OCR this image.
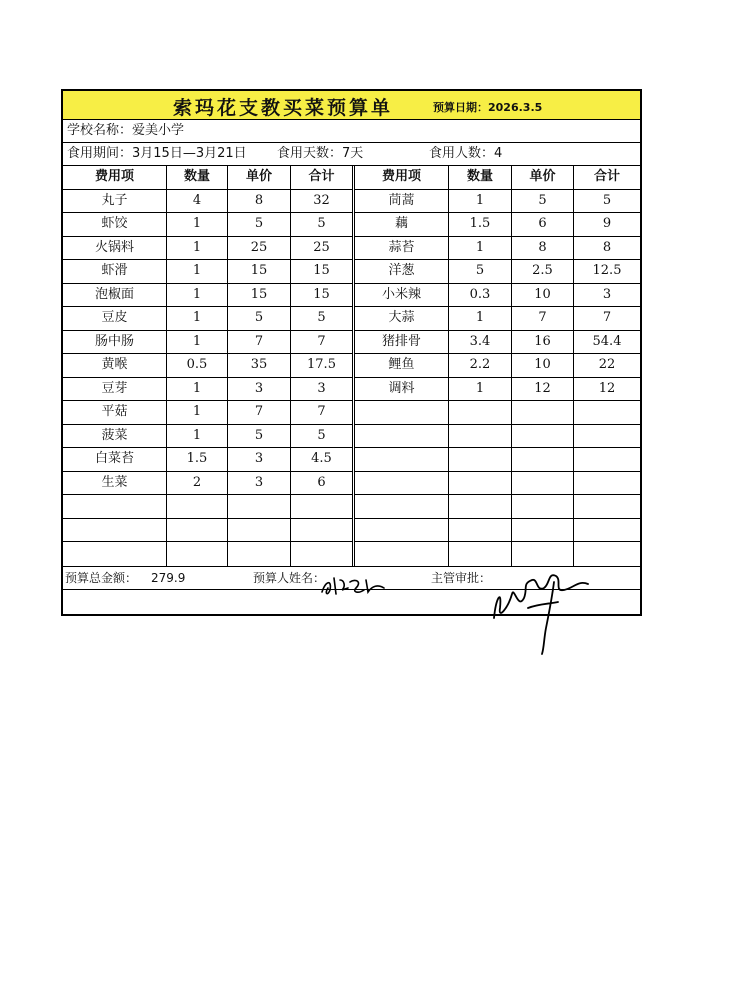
索玛花支教买菜预算单	预算日期：2026.3.5
学校名称：爱美小学
食用期间：3月15日—3月21日 食用天数：7天	食用人数：4
费用项	数量	单价	合计
丸子	4	8	32
虾饺	1	5	5
火锅料	1	25	25
虾滑	1	15	15
泡椒面	1	15	15
豆皮	1	5	5
肠中肠	1	7	7
黄喉	0.5	35	17.5
豆芽	1	3	3
平菇	1	7	7
菠菜	1	5	5
白菜苔	1.5	3	4.5
生菜	2	3	6
费用项	数量	单价	合计
茼蒿	1	5	5
藕	1.5	6	9
蒜苔	1	8	8
洋葱	5	2.5	12.5
小米辣	0.3	10	3
大蒜	1	7	7
猪排骨	3.4	16	54.4
鲤鱼	2.2	10	22
调料	1	12	12
预算总金额： 279.9	预算人姓名：	主管审批：
